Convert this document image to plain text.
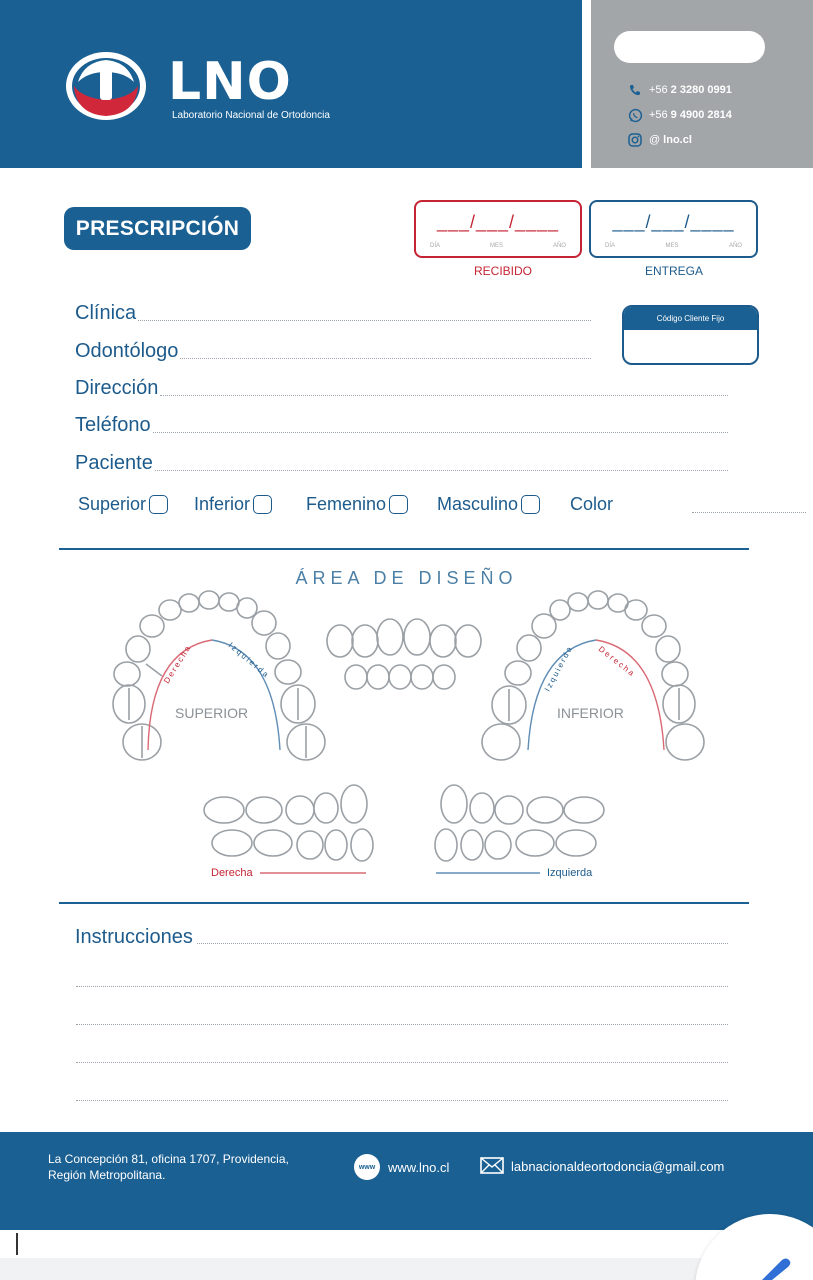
LNO
Laboratorio Nacional de Ortodoncia
+56 2 3280 0991
+56 9 4900 2814
@ lno.cl
PRESCRIPCIÓN	___/___/____
DÍA	MES	AÑO
RECIBIDO
___/___/____
DÍA	MES	AÑO
ENTREGA
Código Cliente Fijo
Clínica
Odontólogo
Dirección
Teléfono
Paciente
Superior	Inferior	Femenino	Masculino	Color
ÁREA DE DISEÑO
SUPERIOR	INFERIOR
Derecha	Izquierda	Izquierda	Derecha
Derecha	Izquierda
Instrucciones
La Concepción 81, oficina 1707, Providencia,
Región Metropolitana.
www www.lno.cl	labnacionaldeortodoncia@gmail.com
